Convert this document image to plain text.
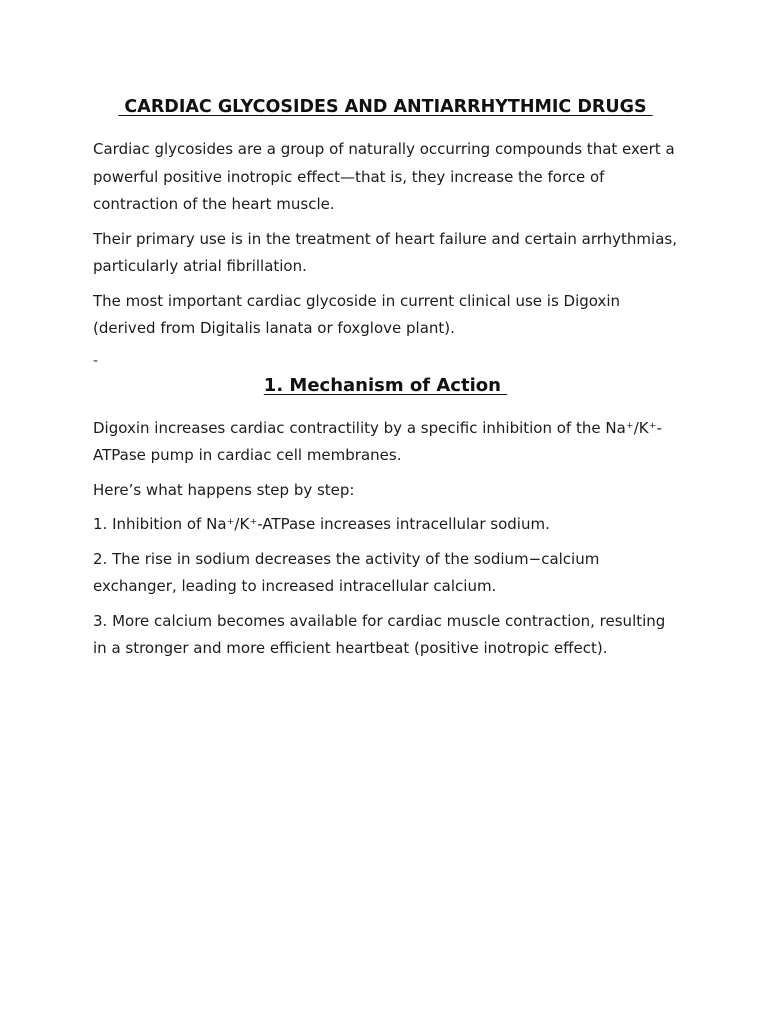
CARDIAC GLYCOSIDES AND ANTIARRHYTHMIC DRUGS

Cardiac glycosides are a group of naturally occurring compounds that exert a powerful positive inotropic effect—that is, they increase the force of contraction of the heart muscle.

Their primary use is in the treatment of heart failure and certain arrhythmias, particularly atrial fibrillation.

The most important cardiac glycoside in current clinical use is Digoxin (derived from Digitalis lanata or foxglove plant).

-
1. Mechanism of Action

Digoxin increases cardiac contractility by a specific inhibition of the Na⁺/K⁺-ATPase pump in cardiac cell membranes.

Here’s what happens step by step:

1. Inhibition of Na⁺/K⁺-ATPase increases intracellular sodium.

2. The rise in sodium decreases the activity of the sodium−calcium exchanger, leading to increased intracellular calcium.

3. More calcium becomes available for cardiac muscle contraction, resulting in a stronger and more efficient heartbeat (positive inotropic effect).
